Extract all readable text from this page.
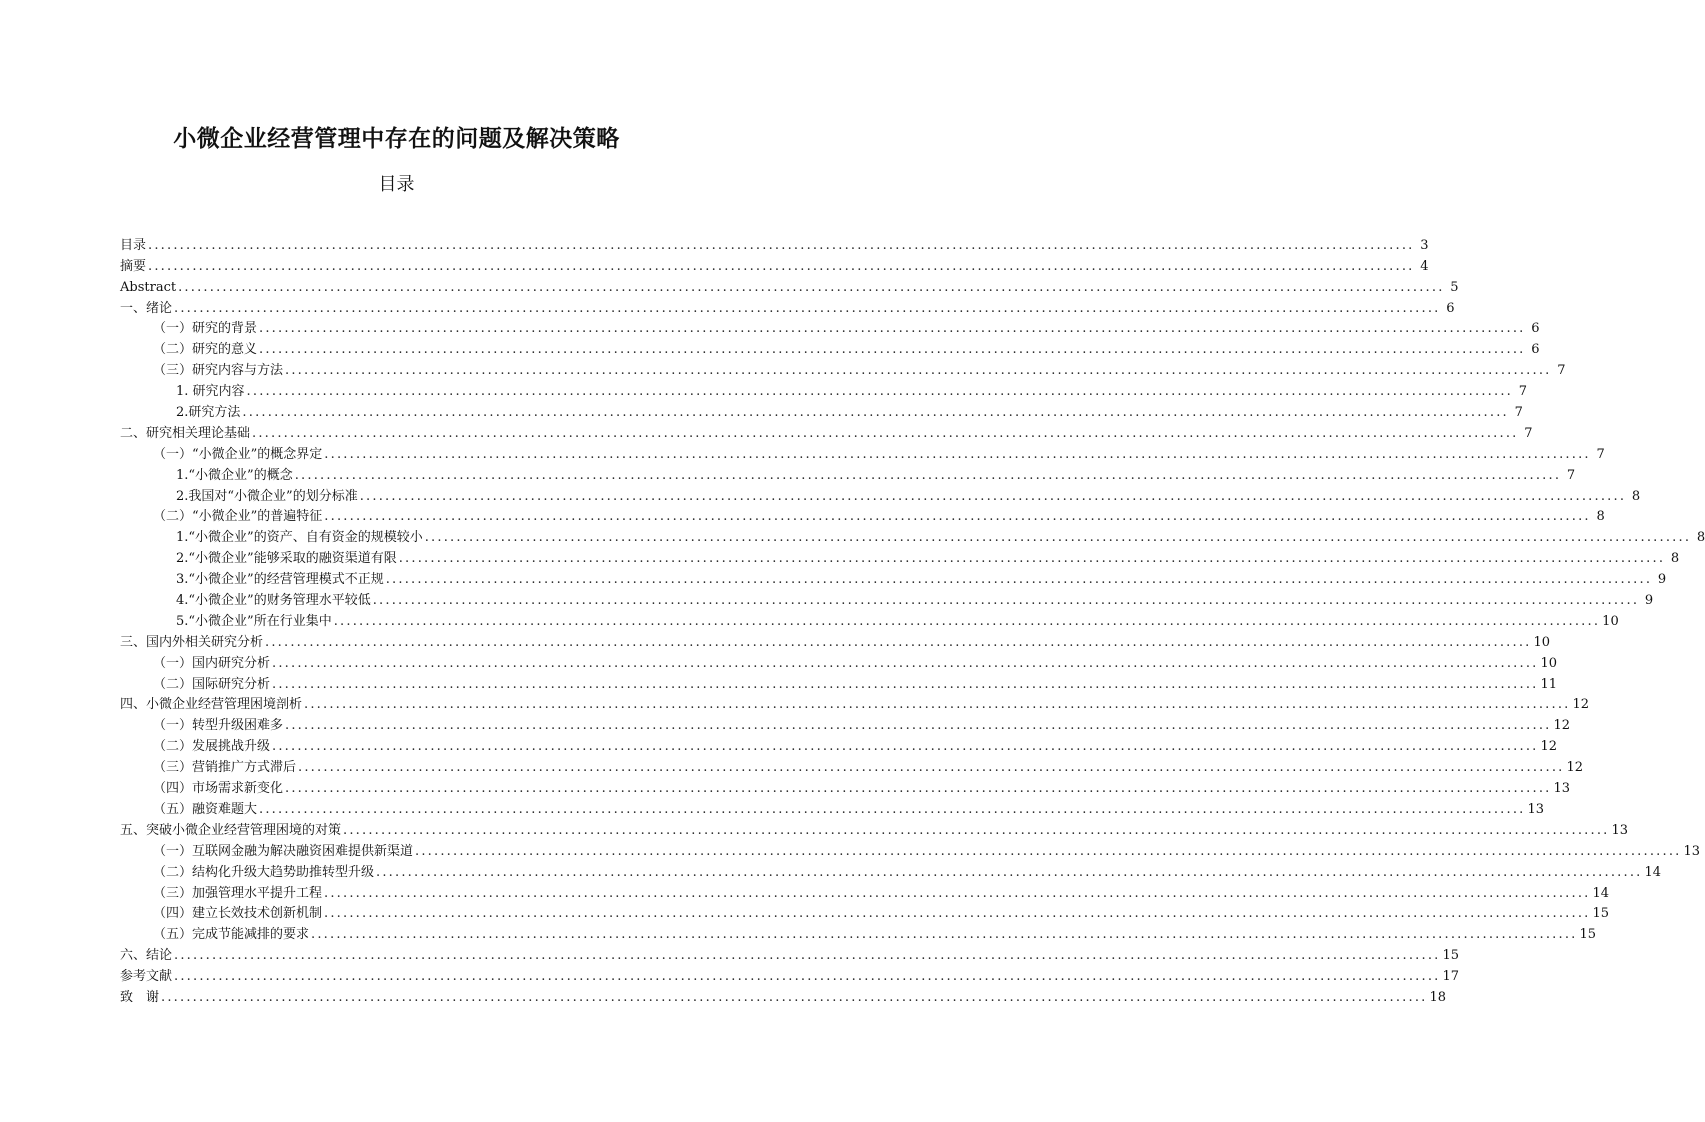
小微企业经营管理中存在的问题及解决策略
目录
目录 ........................................................................................................................................................................................................ 3
摘要 ........................................................................................................................................................................................................ 4
Abstract ........................................................................................................................................................................................................ 5
一、绪论 ........................................................................................................................................................................................................ 6
（一）研究的背景 ........................................................................................................................................................................................................ 6
（二）研究的意义 ........................................................................................................................................................................................................ 6
（三）研究内容与方法 ........................................................................................................................................................................................................ 7
1. 研究内容 ........................................................................................................................................................................................................ 7
2.研究方法 ........................................................................................................................................................................................................ 7
二、研究相关理论基础 ........................................................................................................................................................................................................ 7
（一）“小微企业”的概念界定 ........................................................................................................................................................................................................ 7
1.“小微企业”的概念 ........................................................................................................................................................................................................ 7
2.我国对“小微企业”的划分标准 ........................................................................................................................................................................................................ 8
（二）“小微企业”的普遍特征 ........................................................................................................................................................................................................ 8
1.“小微企业”的资产、自有资金的规模较小 ........................................................................................................................................................................................................ 8
2.“小微企业”能够采取的融资渠道有限 ........................................................................................................................................................................................................ 8
3.“小微企业”的经营管理模式不正规 ........................................................................................................................................................................................................ 9
4.“小微企业”的财务管理水平较低 ........................................................................................................................................................................................................ 9
5.“小微企业”所在行业集中 ........................................................................................................................................................................................................ 10
三、国内外相关研究分析 ........................................................................................................................................................................................................ 10
（一）国内研究分析 ........................................................................................................................................................................................................ 10
（二）国际研究分析 ........................................................................................................................................................................................................ 11
四、小微企业经营管理困境剖析 ........................................................................................................................................................................................................ 12
（一）转型升级困难多 ........................................................................................................................................................................................................ 12
（二）发展挑战升级 ........................................................................................................................................................................................................ 12
（三）营销推广方式滞后 ........................................................................................................................................................................................................ 12
（四）市场需求新变化 ........................................................................................................................................................................................................ 13
（五）融资难题大 ........................................................................................................................................................................................................ 13
五、突破小微企业经营管理困境的对策 ........................................................................................................................................................................................................ 13
（一）互联网金融为解决融资困难提供新渠道 ........................................................................................................................................................................................................ 13
（二）结构化升级大趋势助推转型升级 ........................................................................................................................................................................................................ 14
（三）加强管理水平提升工程 ........................................................................................................................................................................................................ 14
（四）建立长效技术创新机制 ........................................................................................................................................................................................................ 15
（五）完成节能减排的要求 ........................................................................................................................................................................................................ 15
六、结论 ........................................................................................................................................................................................................ 15
参考文献 ........................................................................................................................................................................................................ 17
致　谢 ........................................................................................................................................................................................................ 18
